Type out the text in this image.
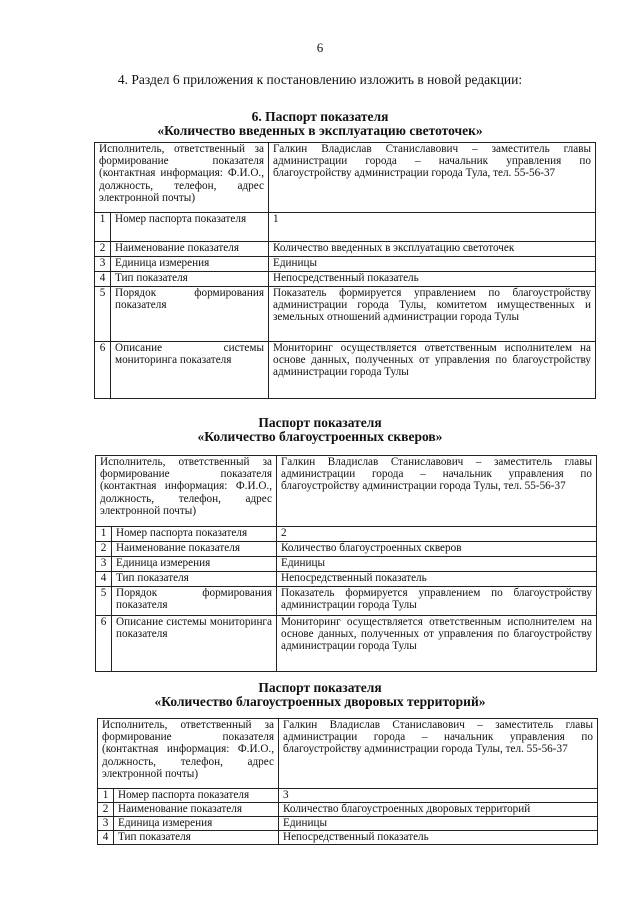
6
4. Раздел 6 приложения к постановлению изложить в новой редакции:
6. Паспорт показателя
«Количество введенных в эксплуатацию светоточек»
Исполнитель, ответственный за формирование показателя (контактная информация: Ф.И.О., должность, телефон, адрес электронной почты)		Галкин Владислав Станиславович – заместитель главы администрации города – начальник управления по благоустройству администрации города Тула, тел. 55-56-37
1	Номер паспорта показателя	1
2	Наименование показателя	Количество введенных в эксплуатацию светоточек
3	Единица измерения	Единицы
4	Тип показателя	Непосредственный показатель
5	Порядок формирования показателя	Показатель формируется управлением по благоустройству администрации города Тулы, комитетом имущественных и земельных отношений администрации города Тулы
6	Описание системы мониторинга показателя	Мониторинг осуществляется ответственным исполнителем на основе данных, полученных от управления по благоустройству администрации города Тулы
Паспорт показателя
«Количество благоустроенных скверов»
Исполнитель, ответственный за формирование показателя (контактная информация: Ф.И.О., должность, телефон, адрес электронной почты)		Галкин Владислав Станиславович – заместитель главы администрации города – начальник управления по благоустройству администрации города Тулы, тел. 55-56-37
1	Номер паспорта показателя	2
2	Наименование показателя	Количество благоустроенных скверов
3	Единица измерения	Единицы
4	Тип показателя	Непосредственный показатель
5	Порядок формирования показателя	Показатель формируется управлением по благоустройству администрации города Тулы
6	Описание системы мониторинга показателя	Мониторинг осуществляется ответственным исполнителем на основе данных, полученных от управления по благоустройству администрации города Тулы
Паспорт показателя
«Количество благоустроенных дворовых территорий»
Исполнитель, ответственный за формирование показателя (контактная информация: Ф.И.О., должность, телефон, адрес электронной почты)		Галкин Владислав Станиславович – заместитель главы администрации города – начальник управления по благоустройству администрации города Тулы, тел. 55-56-37
1	Номер паспорта показателя	3
2	Наименование показателя	Количество благоустроенных дворовых территорий
3	Единица измерения	Единицы
4	Тип показателя	Непосредственный показатель
